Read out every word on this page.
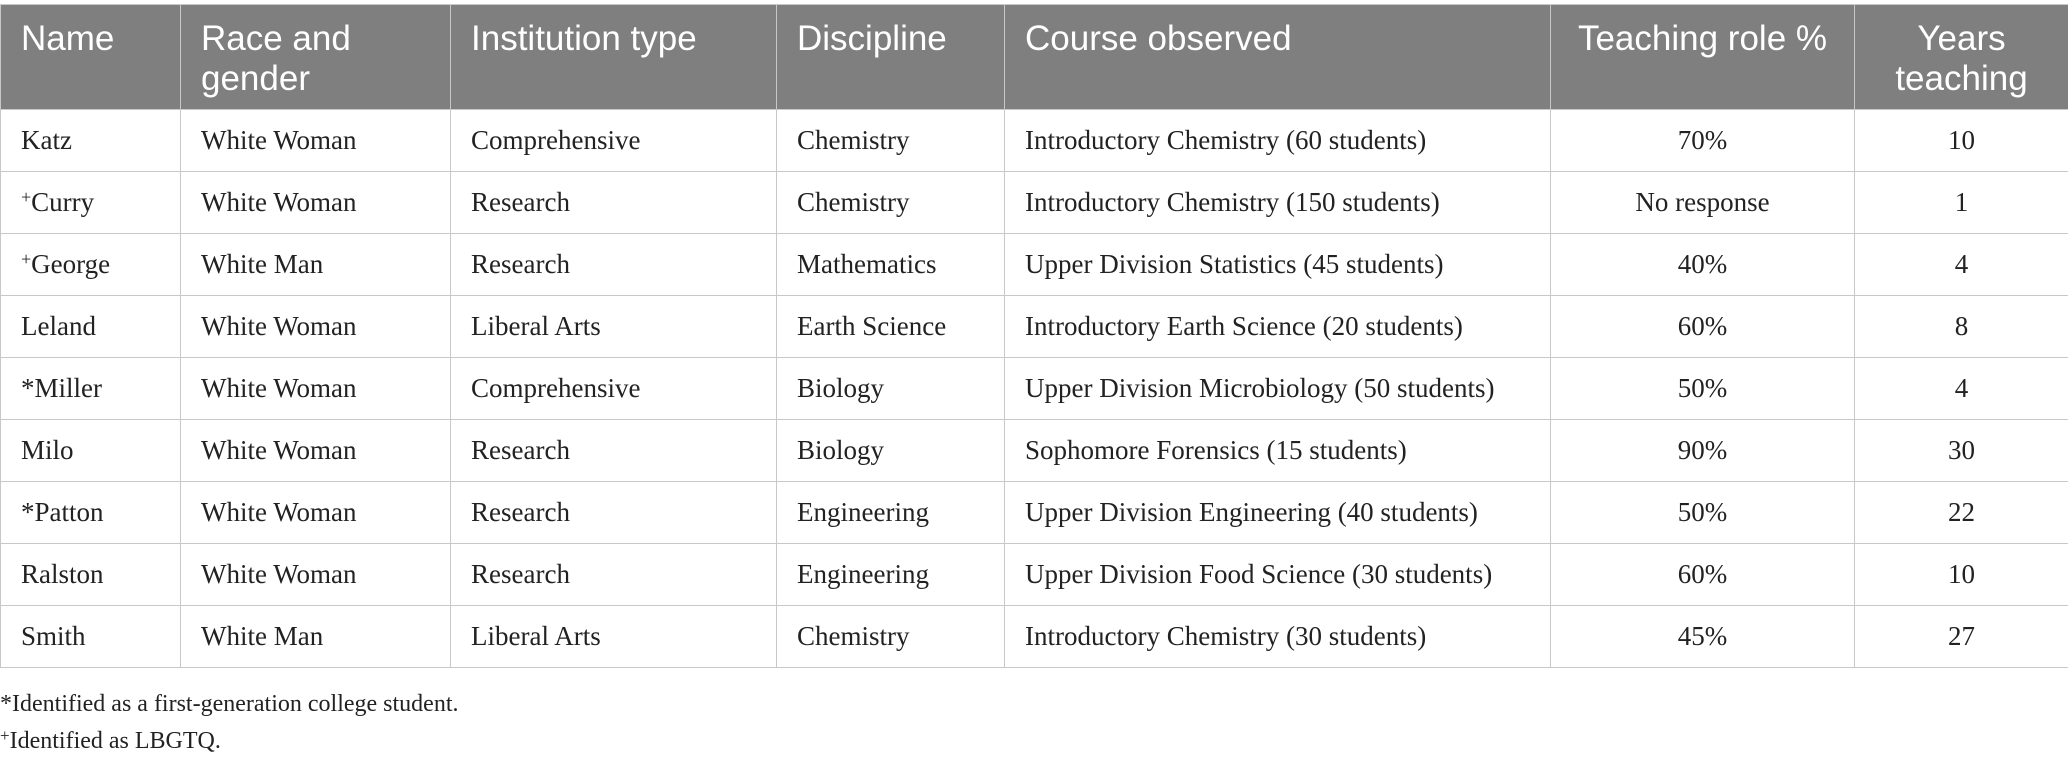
Name	Race and gender	Institution type	Discipline	Course observed	Teaching role %	Years teaching
Katz	White Woman	Comprehensive	Chemistry	Introductory Chemistry (60 students)	70%	10
+Curry	White Woman	Research	Chemistry	Introductory Chemistry (150 students)	No response	1
+George	White Man	Research	Mathematics	Upper Division Statistics (45 students)	40%	4
Leland	White Woman	Liberal Arts	Earth Science	Introductory Earth Science (20 students)	60%	8
*Miller	White Woman	Comprehensive	Biology	Upper Division Microbiology (50 students)	50%	4
Milo	White Woman	Research	Biology	Sophomore Forensics (15 students)	90%	30
*Patton	White Woman	Research	Engineering	Upper Division Engineering (40 students)	50%	22
Ralston	White Woman	Research	Engineering	Upper Division Food Science (30 students)	60%	10
Smith	White Man	Liberal Arts	Chemistry	Introductory Chemistry (30 students)	45%	27
*Identified as a first-generation college student.
+Identified as LBGTQ.
